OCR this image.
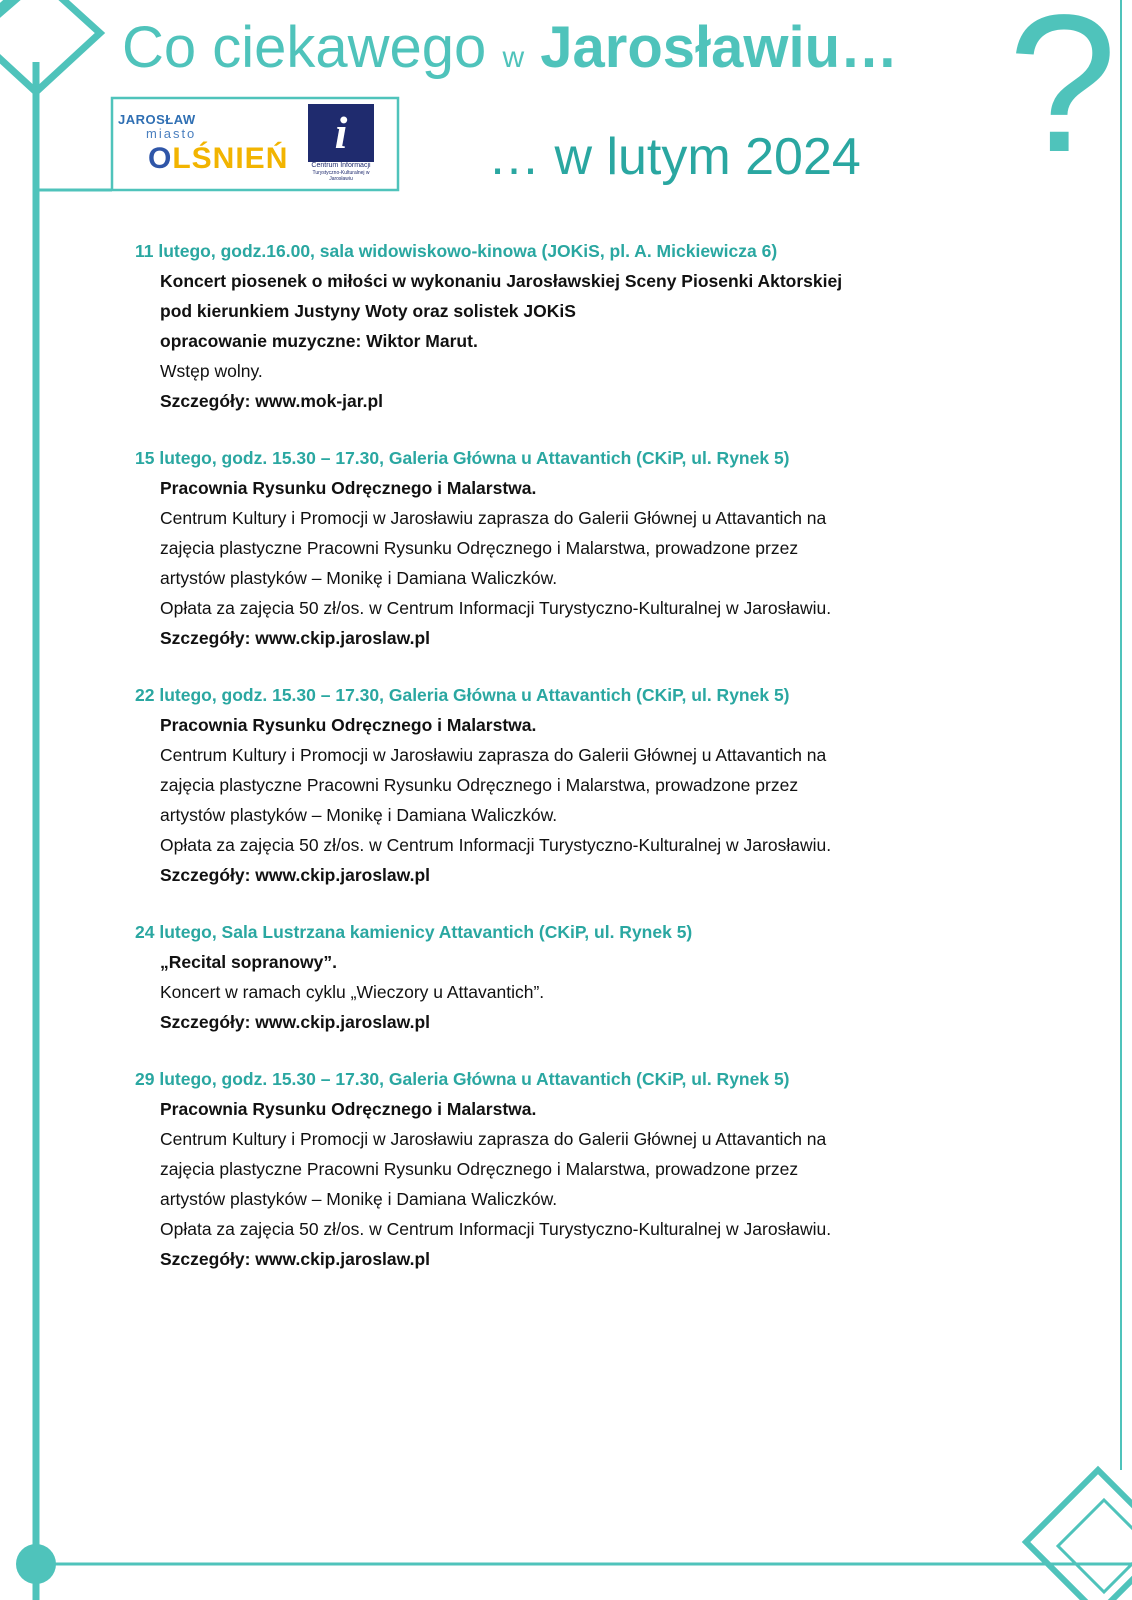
Co ciekawego w Jarosławiu… ?
… w lutym 2024
JAROSŁAW
miasto
OLŚNIEŃ
i
Centrum Informacji
Turystyczno-Kulturalnej w Jarosławiu
11 lutego, godz.16.00, sala widowiskowo-kinowa (JOKiS, pl. A. Mickiewicza 6)
Koncert piosenek o miłości w wykonaniu Jarosławskiej Sceny Piosenki Aktorskiej
pod kierunkiem Justyny Woty oraz solistek JOKiS
opracowanie muzyczne: Wiktor Marut.
Wstęp wolny.
Szczegóły: www.mok-jar.pl
15 lutego, godz. 15.30 – 17.30, Galeria Główna u Attavantich (CKiP, ul. Rynek 5)
Pracownia Rysunku Odręcznego i Malarstwa.
Centrum Kultury i Promocji w Jarosławiu zaprasza do Galerii Głównej u Attavantich na
zajęcia plastyczne Pracowni Rysunku Odręcznego i Malarstwa, prowadzone przez
artystów plastyków – Monikę i Damiana Waliczków.
Opłata za zajęcia 50 zł/os. w Centrum Informacji Turystyczno-Kulturalnej w Jarosławiu.
Szczegóły: www.ckip.jaroslaw.pl
22 lutego, godz. 15.30 – 17.30, Galeria Główna u Attavantich (CKiP, ul. Rynek 5)
Pracownia Rysunku Odręcznego i Malarstwa.
Centrum Kultury i Promocji w Jarosławiu zaprasza do Galerii Głównej u Attavantich na
zajęcia plastyczne Pracowni Rysunku Odręcznego i Malarstwa, prowadzone przez
artystów plastyków – Monikę i Damiana Waliczków.
Opłata za zajęcia 50 zł/os. w Centrum Informacji Turystyczno-Kulturalnej w Jarosławiu.
Szczegóły: www.ckip.jaroslaw.pl
24 lutego, Sala Lustrzana kamienicy Attavantich (CKiP, ul. Rynek 5)
„Recital sopranowy”.
Koncert w ramach cyklu „Wieczory u Attavantich”.
Szczegóły: www.ckip.jaroslaw.pl
29 lutego, godz. 15.30 – 17.30, Galeria Główna u Attavantich (CKiP, ul. Rynek 5)
Pracownia Rysunku Odręcznego i Malarstwa.
Centrum Kultury i Promocji w Jarosławiu zaprasza do Galerii Głównej u Attavantich na
zajęcia plastyczne Pracowni Rysunku Odręcznego i Malarstwa, prowadzone przez
artystów plastyków – Monikę i Damiana Waliczków.
Opłata za zajęcia 50 zł/os. w Centrum Informacji Turystyczno-Kulturalnej w Jarosławiu.
Szczegóły: www.ckip.jaroslaw.pl
